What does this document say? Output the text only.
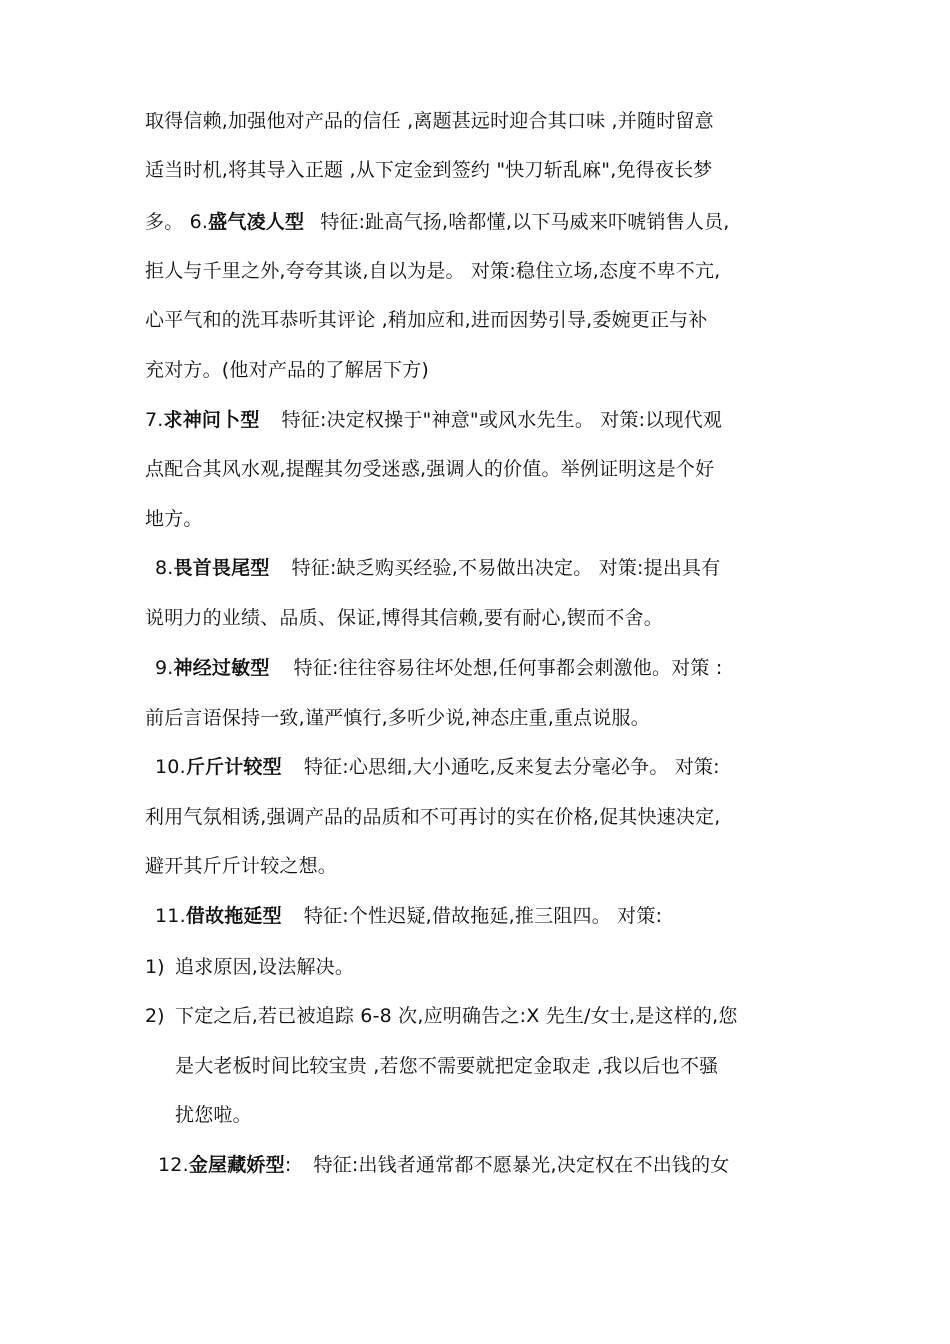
取得信赖,加强他对产品的信任 ,离题甚远时迎合其口味 ,并随时留意
适当时机,将其导入正题 ,从下定金到签约 "快刀斩乱麻",免得夜长梦
多。 6.盛气凌人型 特征:趾高气扬,啥都懂,以下马威来吓唬销售人员,
拒人与千里之外,夸夸其谈,自以为是。 对策:稳住立场,态度不卑不亢,
心平气和的洗耳恭听其评论 ,稍加应和,进而因势引导,委婉更正与补
充对方。(他对产品的了解居下方)
7.求神问卜型 特征:决定权操于"神意"或风水先生。 对策:以现代观
点配合其风水观,提醒其勿受迷惑,强调人的价值。举例证明这是个好
地方。
8.畏首畏尾型 特征:缺乏购买经验,不易做出决定。 对策:提出具有
说明力的业绩、品质、保证,博得其信赖,要有耐心,锲而不舍。
9.神经过敏型 特征:往往容易往坏处想,任何事都会刺激他。对策 :
前后言语保持一致,谨严慎行,多听少说,神态庄重,重点说服。
10.斤斤计较型 特征:心思细,大小通吃,反来复去分毫必争。 对策:
利用气氛相诱,强调产品的品质和不可再讨的实在价格,促其快速决定,
避开其斤斤计较之想。
11.借故拖延型 特征:个性迟疑,借故拖延,推三阻四。 对策:
1) 追求原因,设法解决。
2) 下定之后,若已被追踪 6-8 次,应明确告之:X 先生/女士,是这样的,您
是大老板时间比较宝贵 ,若您不需要就把定金取走 ,我以后也不骚
扰您啦。
12.金屋藏娇型: 特征:出钱者通常都不愿暴光,决定权在不出钱的女
